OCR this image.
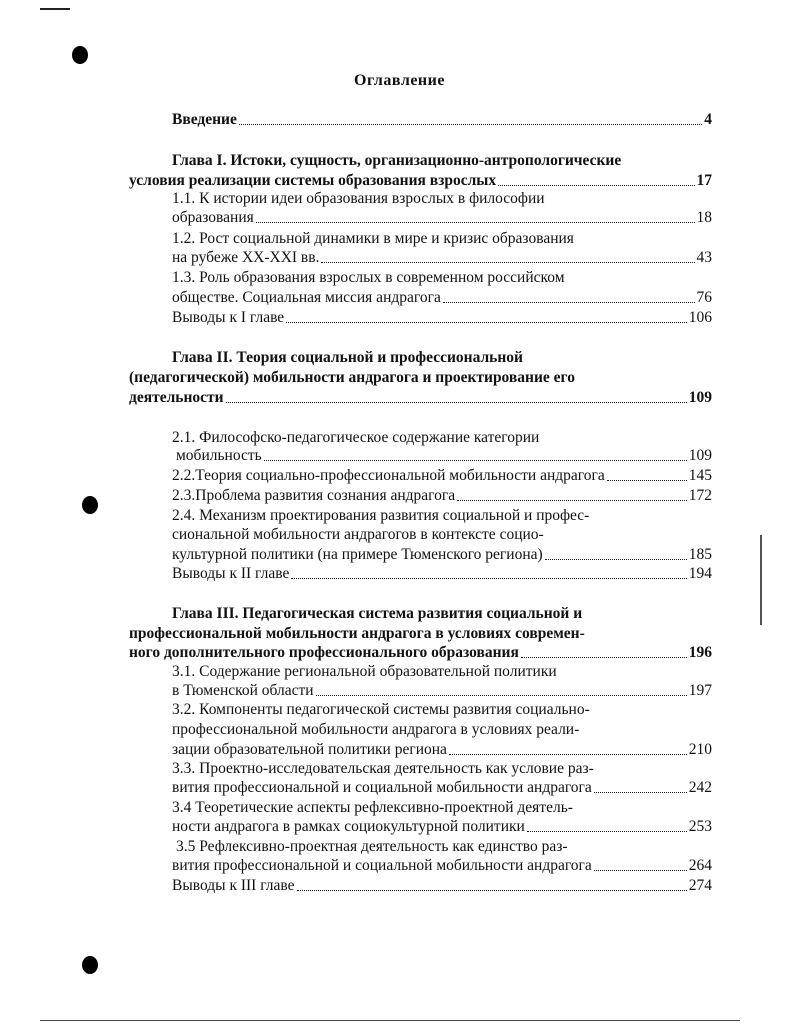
Оглавление
Введение	4
Глава I. Истоки, сущность, организационно-антропологические
условия реализации системы образования взрослых	17
1.1. К истории идеи образования взрослых в философии
образования	18
1.2. Рост социальной динамики в мире и кризис образования
на рубеже XX-XXI вв.	43
1.3. Роль образования взрослых в современном российском
обществе. Социальная миссия андрагога	76
Выводы к I главе	106
Глава II. Теория социальной и профессиональной
(педагогической) мобильности андрагога и проектирование его
деятельности	109
2.1. Философско-педагогическое содержание категории
мобильность	109
2.2.Теория социально-профессиональной мобильности андрагога	145
2.3.Проблема развития сознания андрагога	172
2.4. Механизм проектирования развития социальной и профес-
сиональной мобильности андрагогов в контексте социо-
культурной политики (на примере Тюменского региона)	185
Выводы к II главе	194
Глава III. Педагогическая система развития социальной и
профессиональной мобильности андрагога в условиях современ-
ного дополнительного профессионального образования	196
3.1. Содержание региональной образовательной политики
в Тюменской области	197
3.2. Компоненты педагогической системы развития социально-
профессиональной мобильности андрагога в условиях реали-
зации образовательной политики региона	210
3.3. Проектно-исследовательская деятельность как условие раз-
вития профессиональной и социальной мобильности андрагога	242
3.4 Теоретические аспекты рефлексивно-проектной деятель-
ности андрагога в рамках социокультурной политики	253
3.5 Рефлексивно-проектная деятельность как единство раз-
вития профессиональной и социальной мобильности андрагога	264
Выводы к III главе	274
